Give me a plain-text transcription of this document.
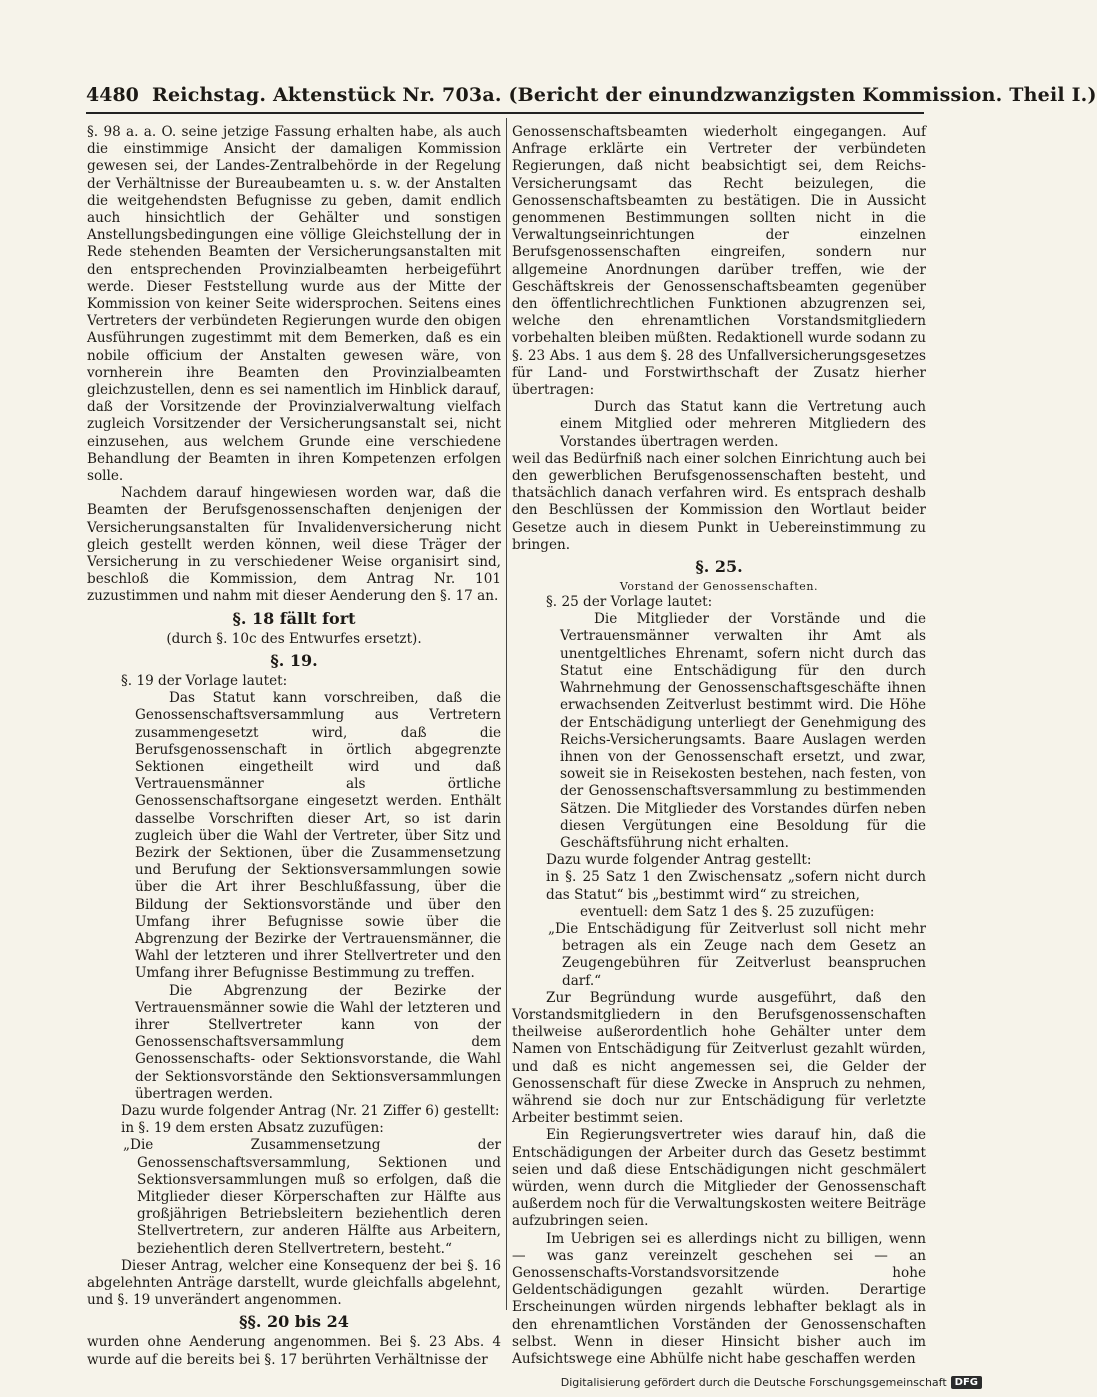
4480 Reichstag. Aktenstück Nr. 703a. (Bericht der einundzwanzigsten Kommission. Theil I.)

§. 98 a. a. O. seine jetzige Fassung erhalten habe, als auch die einstimmige Ansicht der damaligen Kommission gewesen sei, der Landes-Zentralbehörde in der Regelung der Verhältnisse der Bureaubeamten u. s. w. der Anstalten die weitgehendsten Befugnisse zu geben, damit endlich auch hinsichtlich der Gehälter und sonstigen Anstellungsbedingungen eine völlige Gleichstellung der in Rede stehenden Beamten der Versicherungsanstalten mit den entsprechenden Provinzialbeamten herbeigeführt werde. Dieser Feststellung wurde aus der Mitte der Kommission von keiner Seite widersprochen. Seitens eines Vertreters der verbündeten Regierungen wurde den obigen Ausführungen zugestimmt mit dem Bemerken, daß es ein nobile officium der Anstalten gewesen wäre, von vornherein ihre Beamten den Provinzialbeamten gleichzustellen, denn es sei namentlich im Hinblick darauf, daß der Vorsitzende der Provinzialverwaltung vielfach zugleich Vorsitzender der Versicherungsanstalt sei, nicht einzusehen, aus welchem Grunde eine verschiedene Behandlung der Beamten in ihren Kompetenzen erfolgen solle.

Nachdem darauf hingewiesen worden war, daß die Beamten der Berufsgenossenschaften denjenigen der Versicherungsanstalten für Invalidenversicherung nicht gleich gestellt werden können, weil diese Träger der Versicherung in zu verschiedener Weise organisirt sind, beschloß die Kommission, dem Antrag Nr. 101 zuzustimmen und nahm mit dieser Aenderung den §. 17 an.

§. 18 fällt fort
(durch §. 10c des Entwurfes ersetzt).
§. 19.

§. 19 der Vorlage lautet:

Das Statut kann vorschreiben, daß die Genossenschaftsversammlung aus Vertretern zusammengesetzt wird, daß die Berufsgenossenschaft in örtlich abgegrenzte Sektionen eingetheilt wird und daß Vertrauensmänner als örtliche Genossenschaftsorgane eingesetzt werden. Enthält dasselbe Vorschriften dieser Art, so ist darin zugleich über die Wahl der Vertreter, über Sitz und Bezirk der Sektionen, über die Zusammensetzung und Berufung der Sektionsversammlungen sowie über die Art ihrer Beschlußfassung, über die Bildung der Sektionsvorstände und über den Umfang ihrer Befugnisse sowie über die Abgrenzung der Bezirke der Vertrauensmänner, die Wahl der letzteren und ihrer Stellvertreter und den Umfang ihrer Befugnisse Bestimmung zu treffen.

Die Abgrenzung der Bezirke der Vertrauensmänner sowie die Wahl der letzteren und ihrer Stellvertreter kann von der Genossenschaftsversammlung dem Genossenschafts- oder Sektionsvorstande, die Wahl der Sektionsvorstände den Sektionsversammlungen übertragen werden.

Dazu wurde folgender Antrag (Nr. 21 Ziffer 6) gestellt:

in §. 19 dem ersten Absatz zuzufügen:

„Die Zusammensetzung der Genossenschaftsversammlung, Sektionen und Sektionsversammlungen muß so erfolgen, daß die Mitglieder dieser Körperschaften zur Hälfte aus großjährigen Betriebsleitern beziehentlich deren Stellvertretern, zur anderen Hälfte aus Arbeitern, beziehentlich deren Stellvertretern, besteht.“

Dieser Antrag, welcher eine Konsequenz der bei §. 16 abgelehnten Anträge darstellt, wurde gleichfalls abgelehnt, und §. 19 unverändert angenommen.

§§. 20 bis 24

wurden ohne Aenderung angenommen. Bei §. 23 Abs. 4 wurde auf die bereits bei §. 17 berührten Verhältnisse der

Genossenschaftsbeamten wiederholt eingegangen. Auf Anfrage erklärte ein Vertreter der verbündeten Regierungen, daß nicht beabsichtigt sei, dem Reichs-Versicherungsamt das Recht beizulegen, die Genossenschaftsbeamten zu bestätigen. Die in Aussicht genommenen Bestimmungen sollten nicht in die Verwaltungseinrichtungen der einzelnen Berufsgenossenschaften eingreifen, sondern nur allgemeine Anordnungen darüber treffen, wie der Geschäftskreis der Genossenschaftsbeamten gegenüber den öffentlichrechtlichen Funktionen abzugrenzen sei, welche den ehrenamtlichen Vorstandsmitgliedern vorbehalten bleiben müßten. Redaktionell wurde sodann zu §. 23 Abs. 1 aus dem §. 28 des Unfallversicherungsgesetzes für Land- und Forstwirthschaft der Zusatz hierher übertragen:

Durch das Statut kann die Vertretung auch einem Mitglied oder mehreren Mitgliedern des Vorstandes übertragen werden.

weil das Bedürfniß nach einer solchen Einrichtung auch bei den gewerblichen Berufsgenossenschaften besteht, und thatsächlich danach verfahren wird. Es entsprach deshalb den Beschlüssen der Kommission den Wortlaut beider Gesetze auch in diesem Punkt in Uebereinstimmung zu bringen.

§. 25.
Vorstand der Genossenschaften.

§. 25 der Vorlage lautet:

Die Mitglieder der Vorstände und die Vertrauensmänner verwalten ihr Amt als unentgeltliches Ehrenamt, sofern nicht durch das Statut eine Entschädigung für den durch Wahrnehmung der Genossenschaftsgeschäfte ihnen erwachsenden Zeitverlust bestimmt wird. Die Höhe der Entschädigung unterliegt der Genehmigung des Reichs-Versicherungsamts. Baare Auslagen werden ihnen von der Genossenschaft ersetzt, und zwar, soweit sie in Reisekosten bestehen, nach festen, von der Genossenschaftsversammlung zu bestimmenden Sätzen. Die Mitglieder des Vorstandes dürfen neben diesen Vergütungen eine Besoldung für die Geschäftsführung nicht erhalten.

Dazu wurde folgender Antrag gestellt:

in §. 25 Satz 1 den Zwischensatz „sofern nicht durch das Statut“ bis „bestimmt wird“ zu streichen,

eventuell: dem Satz 1 des §. 25 zuzufügen:

„Die Entschädigung für Zeitverlust soll nicht mehr betragen als ein Zeuge nach dem Gesetz an Zeugengebühren für Zeitverlust beanspruchen darf.“

Zur Begründung wurde ausgeführt, daß den Vorstandsmitgliedern in den Berufsgenossenschaften theilweise außerordentlich hohe Gehälter unter dem Namen von Entschädigung für Zeitverlust gezahlt würden, und daß es nicht angemessen sei, die Gelder der Genossenschaft für diese Zwecke in Anspruch zu nehmen, während sie doch nur zur Entschädigung für verletzte Arbeiter bestimmt seien.

Ein Regierungsvertreter wies darauf hin, daß die Entschädigungen der Arbeiter durch das Gesetz bestimmt seien und daß diese Entschädigungen nicht geschmälert würden, wenn durch die Mitglieder der Genossenschaft außerdem noch für die Verwaltungskosten weitere Beiträge aufzubringen seien.

Im Uebrigen sei es allerdings nicht zu billigen, wenn — was ganz vereinzelt geschehen sei — an Genossenschafts-Vorstandsvorsitzende hohe Geldentschädigungen gezahlt würden. Derartige Erscheinungen würden nirgends lebhafter beklagt als in den ehrenamtlichen Vorständen der Genossenschaften selbst. Wenn in dieser Hinsicht bisher auch im Aufsichtswege eine Abhülfe nicht habe geschaffen werden

Digitalisierung gefördert durch die Deutsche Forschungsgemeinschaft DFG
